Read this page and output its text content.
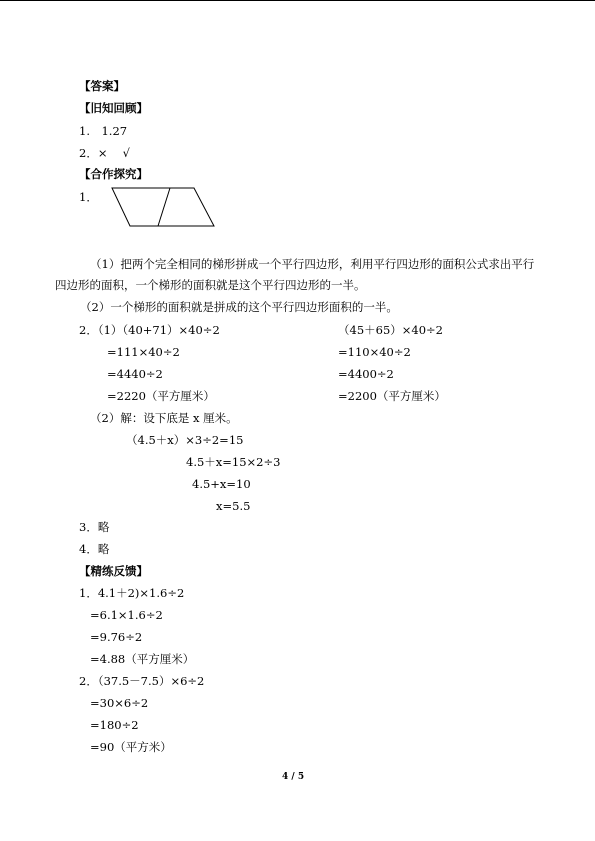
【答案】
【旧知回顾】
1.　1.27
2．×　 √
【合作探究】
1．
（1）把两个完全相同的梯形拼成一个平行四边形，利用平行四边形的面积公式求出平行
四边形的面积，一个梯形的面积就是这个平行四边形的一半。
（2）一个梯形的面积就是拼成的这个平行四边形面积的一半。
2．（1）（40+71）×40÷2
=111×40÷2
=4440÷2
=2220（平方厘米）
（45＋65）×40÷2
=110×40÷2
=4400÷2
=2200（平方厘米）
（2）解：设下底是 x 厘米。
（4.5＋x）×3÷2=15
4.5＋x=15×2÷3
4.5+x=10
x=5.5
3．略
4．略
【精练反馈】
1．4.1＋2)×1.6÷2
=6.1×1.6÷2
=9.76÷2
=4.88（平方厘米）
2．（37.5－7.5）×6÷2
=30×6÷2
=180÷2
=90（平方米）
4 / 5
